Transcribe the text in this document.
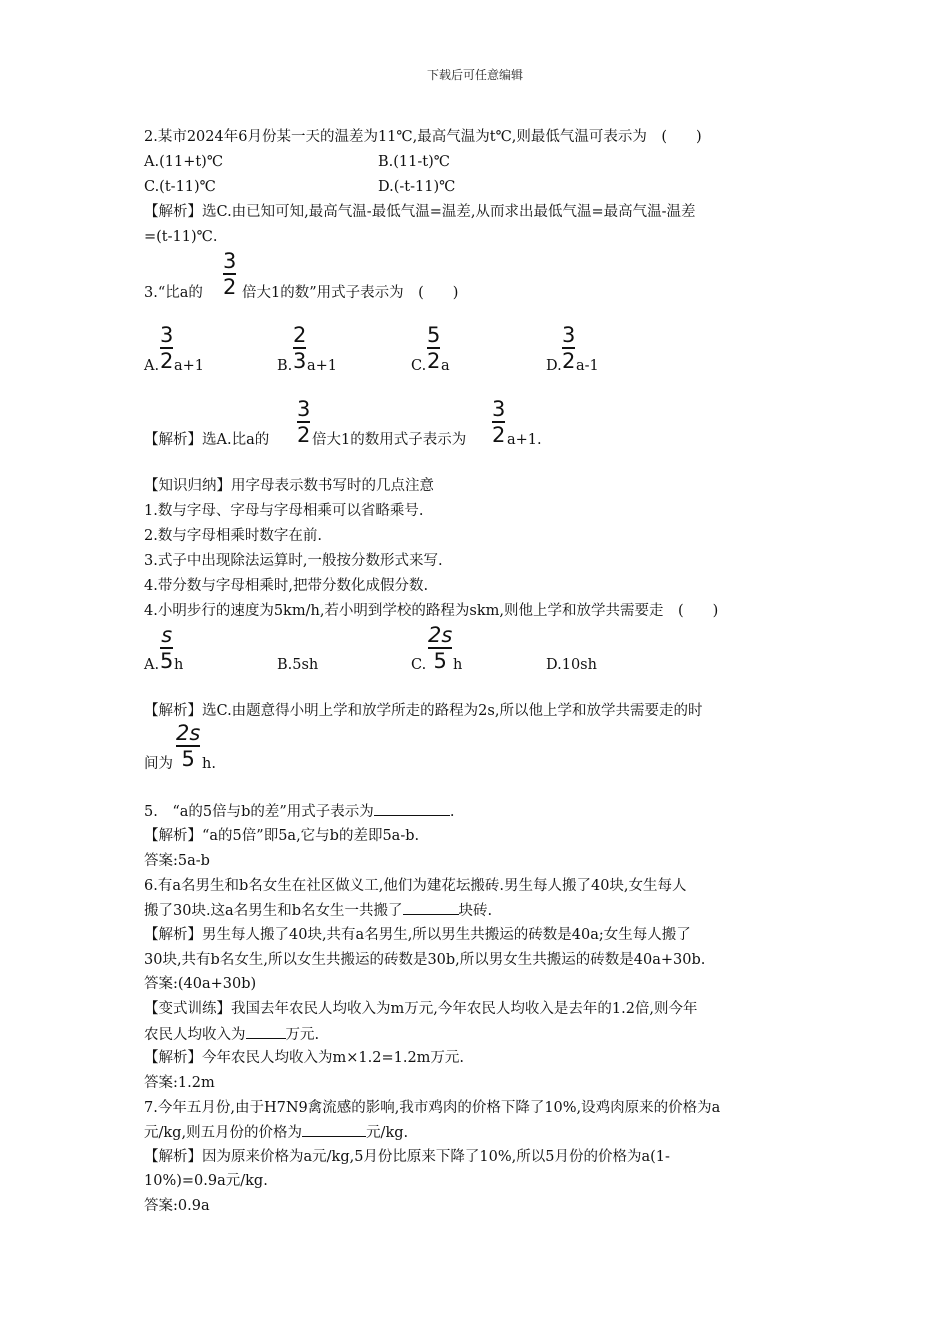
下载后可任意编辑
2.某市2024年6月份某一天的温差为11℃,最高气温为t℃,则最低气温可表示为　(　　)
A.(11+t)℃	B.(11-t)℃
C.(t-11)℃	D.(-t-11)℃
【解析】选C.由已知可知,最高气温-最低气温=温差,从而求出最低气温=最高气温-温差
=(t-11)℃.
3
2
3.“比a的	倍大1的数”用式子表示为　(　　)
A.
3
2 a+1	B.
2
3 a+1	C.
5
2 a	D.
3
2 a-1
【解析】选A.比a的
3
2 倍大1的数用式子表示为
3
2 a+1.
【知识归纳】用字母表示数书写时的几点注意
1.数与字母、字母与字母相乘可以省略乘号.
2.数与字母相乘时数字在前.
3.式子中出现除法运算时,一般按分数形式来写.
4.带分数与字母相乘时,把带分数化成假分数.
4.小明步行的速度为5km/h,若小明到学校的路程为skm,则他上学和放学共需要走　(　　)
A.
s
5 h	B.5sh	C.
2s
5 h	D.10sh
【解析】选C.由题意得小明上学和放学所走的路程为2s,所以他上学和放学共需要走的时
间为
2s
5 h.
5.　“a的5倍与b的差”用式子表示为	.
【解析】“a的5倍”即5a,它与b的差即5a-b.
答案:5a-b
6.有a名男生和b名女生在社区做义工,他们为建花坛搬砖.男生每人搬了40块,女生每人
搬了30块.这a名男生和b名女生一共搬了	块砖.
【解析】男生每人搬了40块,共有a名男生,所以男生共搬运的砖数是40a;女生每人搬了
30块,共有b名女生,所以女生共搬运的砖数是30b,所以男女生共搬运的砖数是40a+30b.
答案:(40a+30b)
【变式训练】我国去年农民人均收入为m万元,今年农民人均收入是去年的1.2倍,则今年
农民人均收入为	万元.
【解析】今年农民人均收入为m×1.2=1.2m万元.
答案:1.2m
7.今年五月份,由于H7N9禽流感的影响,我市鸡肉的价格下降了10%,设鸡肉原来的价格为a
元/kg,则五月份的价格为	元/kg.
【解析】因为原来价格为a元/kg,5月份比原来下降了10%,所以5月份的价格为a(1-
10%)=0.9a元/kg.
答案:0.9a
